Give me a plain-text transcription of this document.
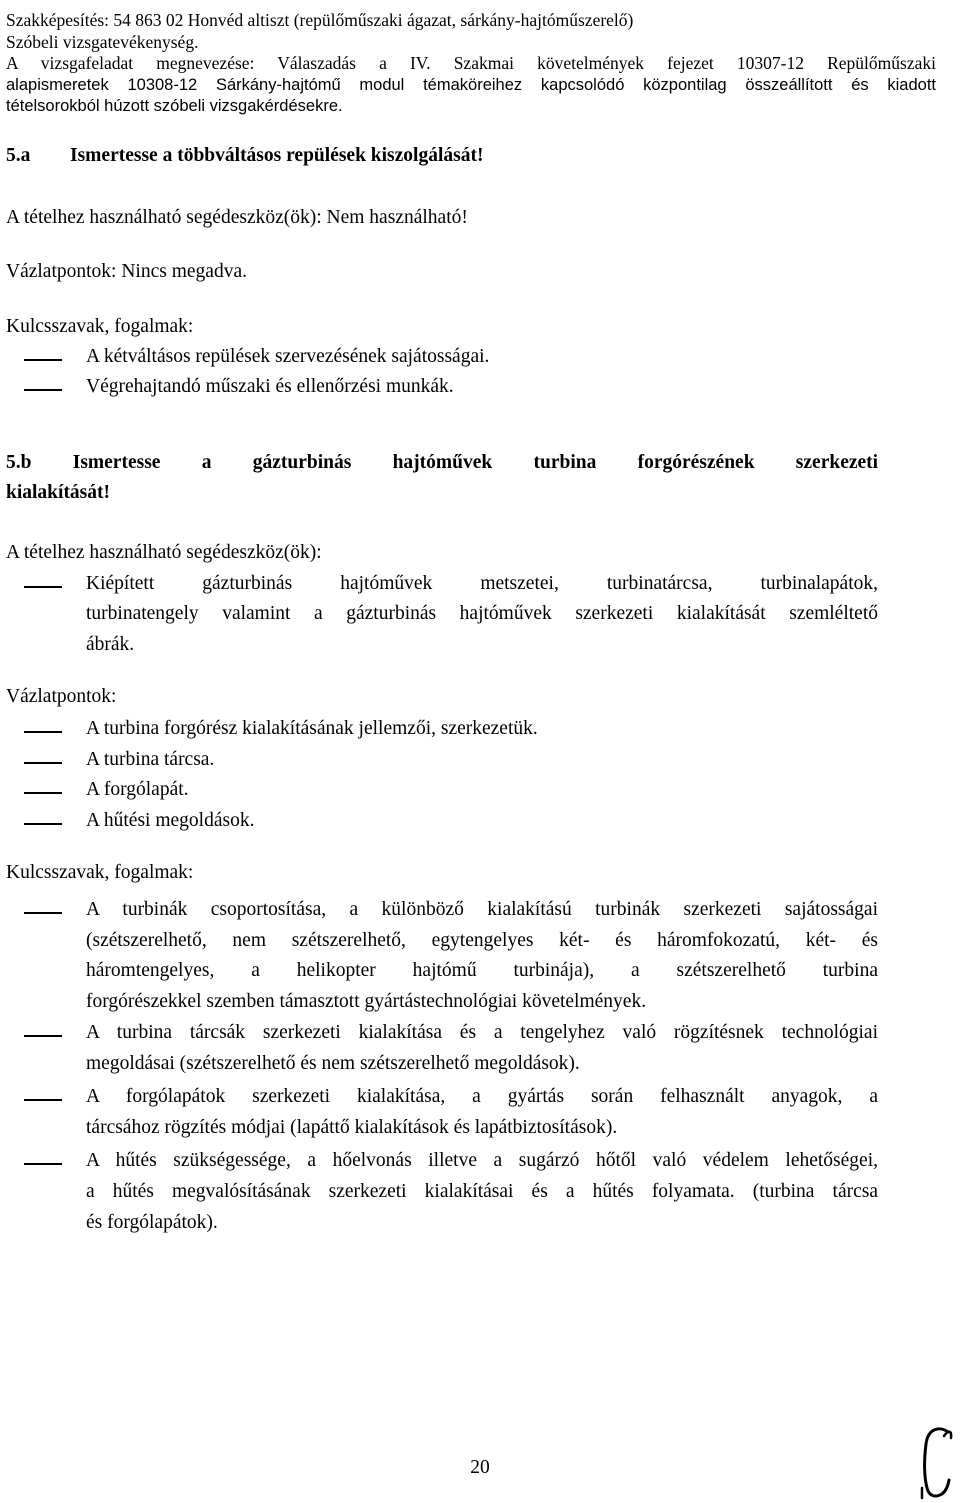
Szakképesítés: 54 863 02 Honvéd altiszt (repülőműszaki ágazat, sárkány-hajtóműszerelő)
Szóbeli vizsgatevékenység.
A vizsgafeladat megnevezése: Válaszadás a IV. Szakmai követelmények fejezet 10307-12 Repülőműszaki
alapismeretek 10308-12 Sárkány-hajtómű modul témaköreihez kapcsolódó központilag összeállított és kiadott
tételsorokból húzott szóbeli vizsgakérdésekre.
5.a Ismertesse a többváltásos repülések kiszolgálását!
A tételhez használható segédeszköz(ök): Nem használható!
Vázlatpontok: Nincs megadva.
Kulcsszavak, fogalmak:
A kétváltásos repülések szervezésének sajátosságai.
Végrehajtandó műszaki és ellenőrzési munkák.
5.b Ismertesse a gázturbinás hajtóművek turbina forgórészének szerkezeti
kialakítását!
A tételhez használható segédeszköz(ök):
Kiépített gázturbinás hajtóművek metszetei, turbinatárcsa, turbinalapátok,
turbinatengely valamint a gázturbinás hajtóművek szerkezeti kialakítását szemléltető
ábrák.
Vázlatpontok:
A turbina forgórész kialakításának jellemzői, szerkezetük.
A turbina tárcsa.
A forgólapát.
A hűtési megoldások.
Kulcsszavak, fogalmak:
A turbinák csoportosítása, a különböző kialakítású turbinák szerkezeti sajátosságai
(szétszerelhető, nem szétszerelhető, egytengelyes két- és háromfokozatú, két- és
háromtengelyes, a helikopter hajtómű turbinája), a szétszerelhető turbina
forgórészekkel szemben támasztott gyártástechnológiai követelmények.
A turbina tárcsák szerkezeti kialakítása és a tengelyhez való rögzítésnek technológiai
megoldásai (szétszerelhető és nem szétszerelhető megoldások).
A forgólapátok szerkezeti kialakítása, a gyártás során felhasznált anyagok, a
tárcsához rögzítés módjai (lapáttő kialakítások és lapátbiztosítások).
A hűtés szükségessége, a hőelvonás illetve a sugárzó hőtől való védelem lehetőségei,
a hűtés megvalósításának szerkezeti kialakításai és a hűtés folyamata. (turbina tárcsa
és forgólapátok).
20
